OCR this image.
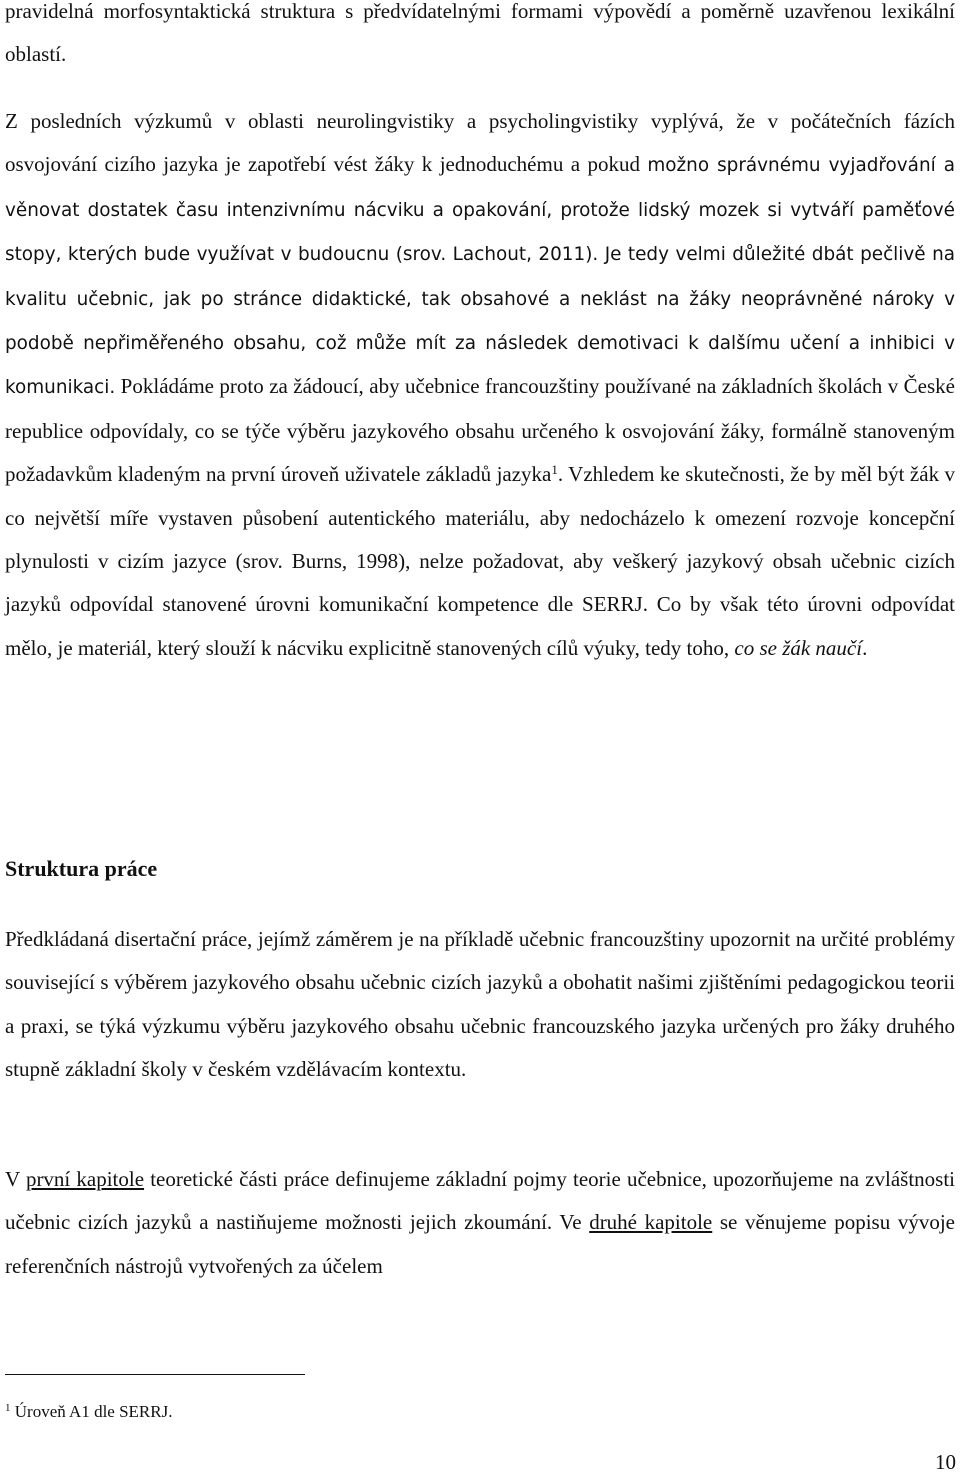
pravidelná morfosyntaktická struktura s předvídatelnými formami výpovědí a poměrně uzavřenou lexikální oblastí.

Z posledních výzkumů v oblasti neurolingvistiky a psycholingvistiky vyplývá, že v počátečních fázích osvojování cizího jazyka je zapotřebí vést žáky k jednoduchému a pokud možno správnému vyjadřování a věnovat dostatek času intenzivnímu nácviku a opakování, protože lidský mozek si vytváří paměťové stopy, kterých bude využívat v budoucnu (srov. Lachout, 2011). Je tedy velmi důležité dbát pečlivě na kvalitu učebnic, jak po stránce didaktické, tak obsahové a neklást na žáky neoprávněné nároky v podobě nepřiměřeného obsahu, což může mít za následek demotivaci k dalšímu učení a inhibici v komunikaci. Pokládáme proto za žádoucí, aby učebnice francouzštiny používané na základních školách v České republice odpovídaly, co se týče výběru jazykového obsahu určeného k osvojování žáky, formálně stanoveným požadavkům kladeným na první úroveň uživatele základů jazyka$^1$. Vzhledem ke skutečnosti, že by měl být žák v co největší míře vystaven působení autentického materiálu, aby nedocházelo k omezení rozvoje koncepční plynulosti v cizím jazyce (srov. Burns, 1998), nelze požadovat, aby veškerý jazykový obsah učebnic cizích jazyků odpovídal stanovené úrovni komunikační kompetence dle SERRJ. Co by však této úrovni odpovídat mělo, je materiál, který slouží k nácviku explicitně stanovených cílů výuky, tedy toho, co se žák naučí.

Struktura práce

Předkládaná disertační práce, jejímž záměrem je na příkladě učebnic francouzštiny upozornit na určité problémy související s výběrem jazykového obsahu učebnic cizích jazyků a obohatit našimi zjištěními pedagogickou teorii a praxi, se týká výzkumu výběru jazykového obsahu učebnic francouzského jazyka určených pro žáky druhého stupně základní školy v českém vzdělávacím kontextu.

V první kapitole teoretické části práce definujeme základní pojmy teorie učebnice, upozorňujeme na zvláštnosti učebnic cizích jazyků a nastiňujeme možnosti jejich zkoumání. Ve druhé kapitole se věnujeme popisu vývoje referenčních nástrojů vytvořených za účelem

$^1$ Úroveň A1 dle SERRJ.
10
